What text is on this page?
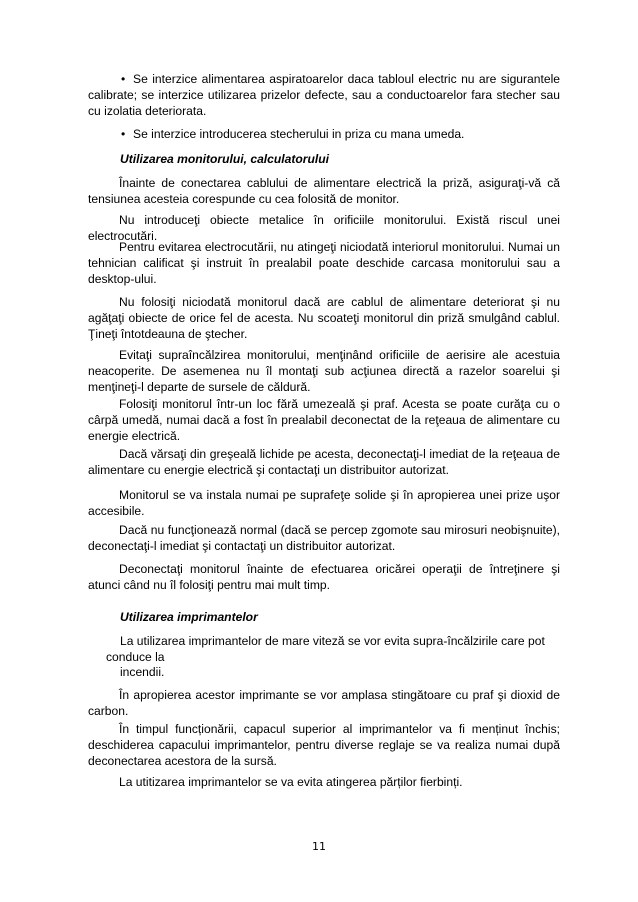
• Se interzice alimentarea aspiratoarelor daca tabloul electric nu are sigurantele calibrate; se interzice utilizarea prizelor defecte, sau a conductoarelor fara stecher sau cu izolatia deteriorata.

• Se interzice introducerea stecherului in priza cu mana umeda.

Utilizarea monitorului, calculatorului

Înainte de conectarea cablului de alimentare electrică la priză, asiguraţi-vă că tensiunea acesteia corespunde cu cea folosită de monitor.

Nu introduceţi obiecte metalice în orificiile monitorului. Există riscul unei electrocutări.

Pentru evitarea electrocutării, nu atingeţi niciodată interiorul monitorului. Numai un tehnician calificat şi instruit în prealabil poate deschide carcasa monitorului sau a desktop-ului.

Nu folosiţi niciodată monitorul dacă are cablul de alimentare deteriorat şi nu agăţaţi obiecte de orice fel de acesta. Nu scoateţi monitorul din priză smulgând cablul. Ţineţi întotdeauna de ştecher.

Evitaţi supraîncălzirea monitorului, menţinând orificiile de aerisire ale acestuia neacoperite. De asemenea nu îl montaţi sub acţiunea directă a razelor soarelui şi menţineţi-l departe de sursele de căldură.

Folosiţi monitorul într-un loc fără umezeală şi praf. Acesta se poate curăţa cu o cârpă umedă, numai dacă a fost în prealabil deconectat de la reţeaua de alimentare cu energie electrică.

Dacă vărsaţi din greşeală lichide pe acesta, deconectaţi-l imediat de la reţeaua de alimentare cu energie electrică şi contactaţi un distribuitor autorizat.

Monitorul se va instala numai pe suprafeţe solide şi în apropierea unei prize uşor accesibile.

Dacă nu funcţionează normal (dacă se percep zgomote sau mirosuri neobişnuite), deconectaţi-l imediat şi contactaţi un distribuitor autorizat.

Deconectaţi monitorul înainte de efectuarea oricărei operaţii de întreţinere şi atunci când nu îl folosiţi pentru mai mult timp.

Utilizarea imprimantelor

La utilizarea imprimantelor de mare viteză se vor evita supra-încălzirile care pot

conduce la

incendii.

În apropierea acestor imprimante se vor amplasa stingătoare cu praf şi dioxid de carbon.

În timpul funcționării, capacul superior al imprimantelor va fi menținut închis; deschiderea capacului imprimantelor, pentru diverse reglaje se va realiza numai după deconectarea acestora de la sursă.

La utitizarea imprimantelor se va evita atingerea părților fierbinți.

11
